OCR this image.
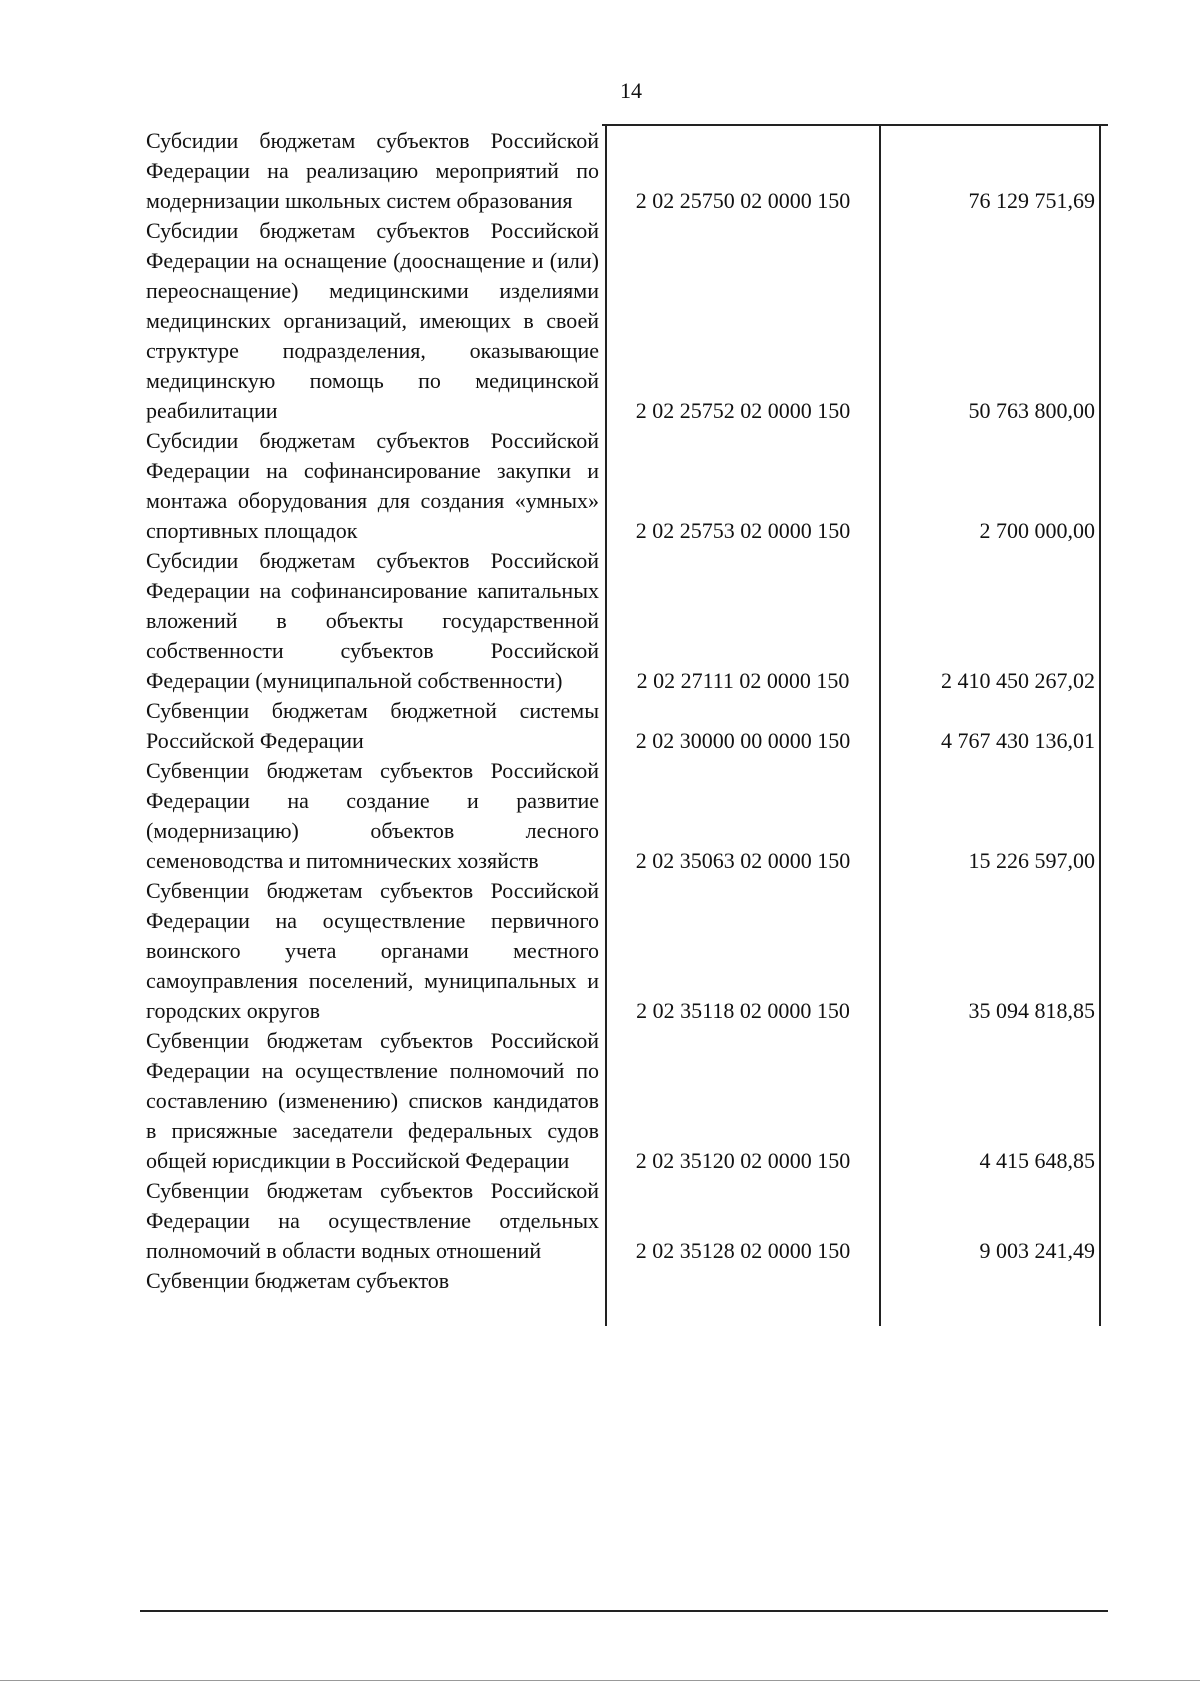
14
Субсидии бюджетам субъектов Российской Федерации на реализацию мероприятий по модернизации школьных систем образования	2 02 25750 02 0000 150	76 129 751,69
Субсидии бюджетам субъектов Российской Федерации на оснащение (дооснащение и (или) переоснащение) медицинскими изделиями медицинских организаций, имеющих в своей структуре подразделения, оказывающие медицинскую помощь по медицинской реабилитации	2 02 25752 02 0000 150	50 763 800,00
Субсидии бюджетам субъектов Российской Федерации на софинансирование закупки и монтажа оборудования для создания «умных» спортивных площадок	2 02 25753 02 0000 150	2 700 000,00
Субсидии бюджетам субъектов Российской Федерации на софинансирование капитальных вложений в объекты государственной собственности субъектов Российской Федерации (муниципальной собственности)	2 02 27111 02 0000 150	2 410 450 267,02
Субвенции бюджетам бюджетной системы Российской Федерации	2 02 30000 00 0000 150	4 767 430 136,01
Субвенции бюджетам субъектов Российской Федерации на создание и развитие (модернизацию) объектов лесного семеноводства и питомнических хозяйств	2 02 35063 02 0000 150	15 226 597,00
Субвенции бюджетам субъектов Российской Федерации на осуществление первичного воинского учета органами местного самоуправления поселений, муниципальных и городских округов	2 02 35118 02 0000 150	35 094 818,85
Субвенции бюджетам субъектов Российской Федерации на осуществление полномочий по составлению (изменению) списков кандидатов в присяжные заседатели федеральных судов общей юрисдикции в Российской Федерации	2 02 35120 02 0000 150	4 415 648,85
Субвенции бюджетам субъектов Российской Федерации на осуществление отдельных полномочий в области водных отношений	2 02 35128 02 0000 150	9 003 241,49
Субвенции бюджетам субъектов		
